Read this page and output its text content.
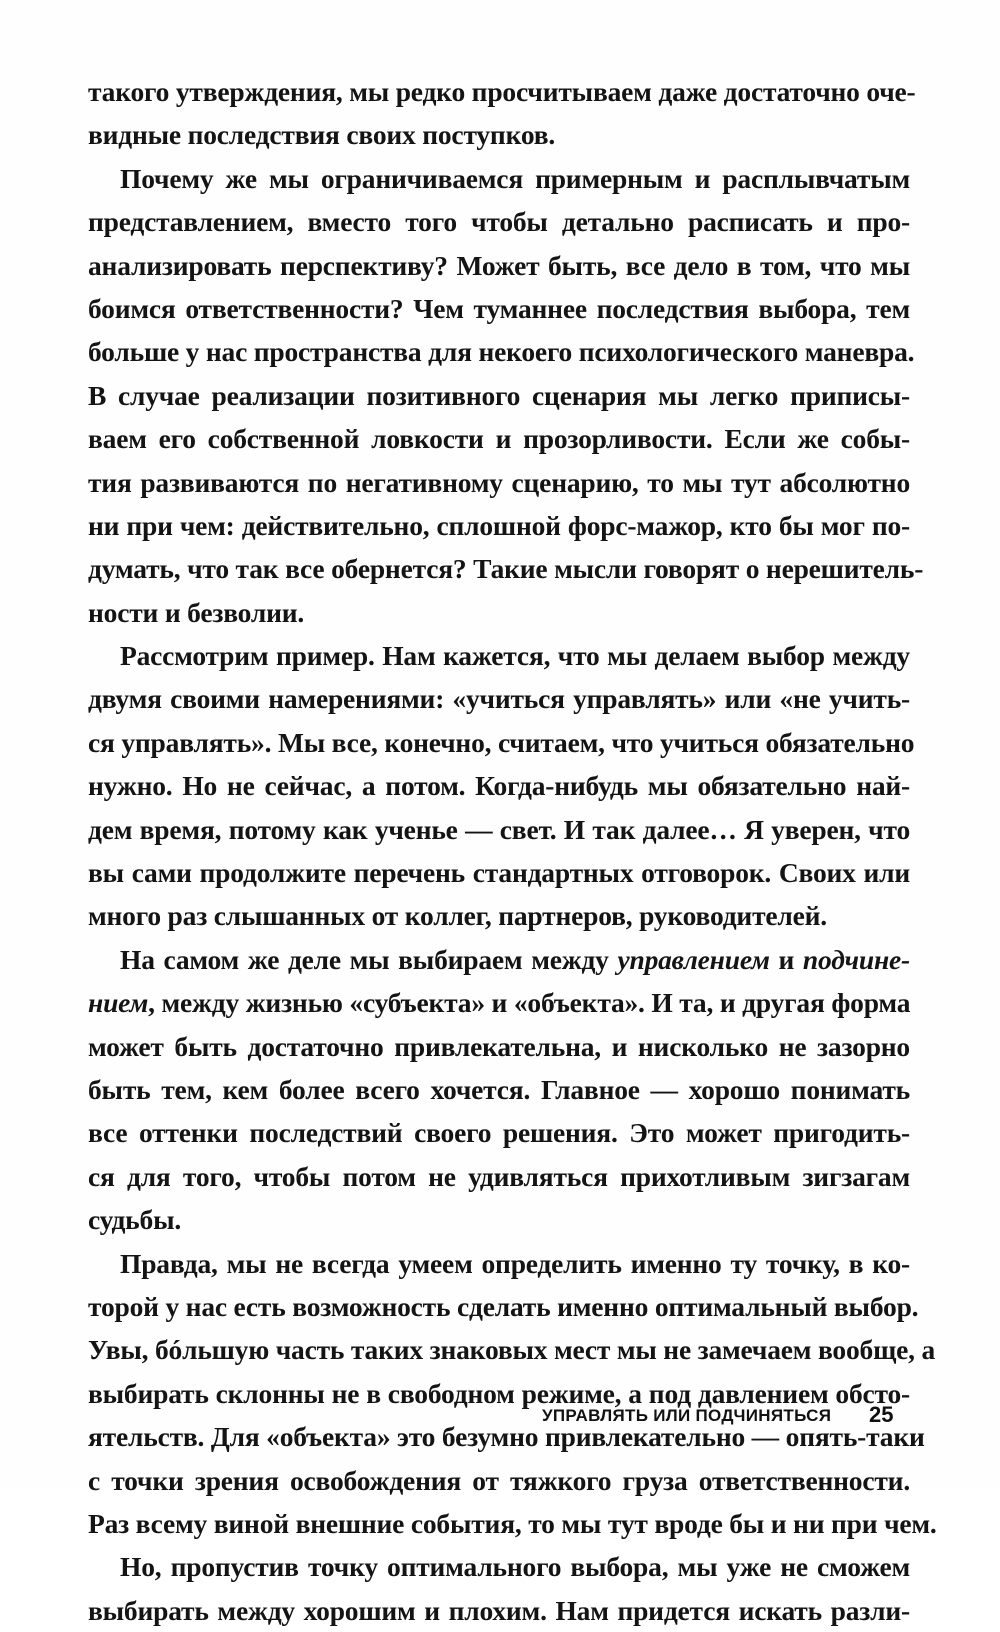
такого утверждения, мы редко просчитываем даже достаточно оче-
видные последствия своих поступков.
Почему же мы ограничиваемся примерным и расплывчатым
представлением, вместо того чтобы детально расписать и про-
анализировать перспективу? Может быть, все дело в том, что мы
боимся ответственности? Чем туманнее последствия выбора, тем
больше у нас пространства для некоего психологического маневра.
В случае реализации позитивного сценария мы легко приписы-
ваем его собственной ловкости и прозорливости. Если же собы-
тия развиваются по негативному сценарию, то мы тут абсолютно
ни при чем: действительно, сплошной форс-мажор, кто бы мог по-
думать, что так все обернется? Такие мысли говорят о нерешитель-
ности и безволии.
Рассмотрим пример. Нам кажется, что мы делаем выбор между
двумя своими намерениями: «учиться управлять» или «не учить-
ся управлять». Мы все, конечно, считаем, что учиться обязательно
нужно. Но не сейчас, а потом. Когда-нибудь мы обязательно най-
дем время, потому как ученье — свет. И так далее… Я уверен, что
вы сами продолжите перечень стандартных отговорок. Своих или
много раз слышанных от коллег, партнеров, руководителей.
На самом же деле мы выбираем между управлением и подчине-
нием, между жизнью «субъекта» и «объекта». И та, и другая форма
может быть достаточно привлекательна, и нисколько не зазорно
быть тем, кем более всего хочется. Главное — хорошо понимать
все оттенки последствий своего решения. Это может пригодить-
ся для того, чтобы потом не удивляться прихотливым зигзагам
судьбы.
Правда, мы не всегда умеем определить именно ту точку, в ко-
торой у нас есть возможность сделать именно оптимальный выбор.
Увы, бóльшую часть таких знаковых мест мы не замечаем вообще, а
выбирать склонны не в свободном режиме, а под давлением обсто-
ятельств. Для «объекта» это безумно привлекательно — опять-таки
с точки зрения освобождения от тяжкого груза ответственности.
Раз всему виной внешние события, то мы тут вроде бы и ни при чем.
Но, пропустив точку оптимального выбора, мы уже не сможем
выбирать между хорошим и плохим. Нам придется искать разли-
УПРАВЛЯТЬ ИЛИ ПОДЧИНЯТЬСЯ 25
